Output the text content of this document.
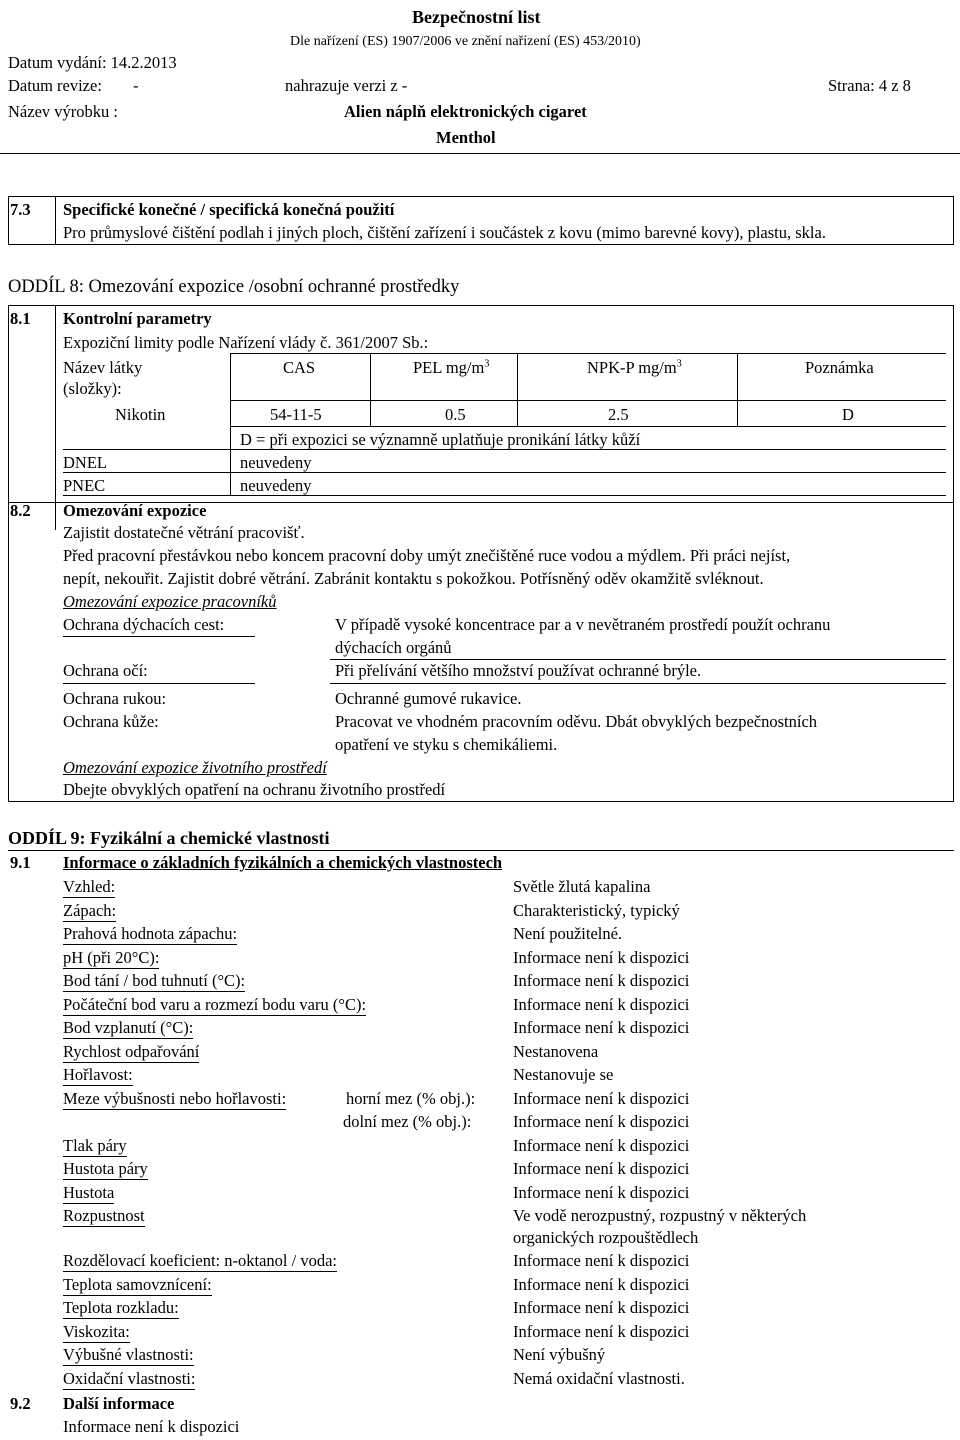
Bezpečnostní list
Dle nařízení (ES) 1907/2006 ve znění nařízení (ES) 453/2010)
Datum vydání: 14.2.2013
Datum revize: -	nahrazuje verzi z -	Strana: 4 z 8
Název výrobku :	Alien náplň elektronických cigaret
Menthol
7.3 Specifické konečné / specifická konečná použití
Pro průmyslové čištění podlah i jiných ploch, čištění zařízení i součástek z kovu (mimo barevné kovy), plastu, skla.
ODDÍL 8: Omezování expozice /osobní ochranné prostředky
8.1 Kontrolní parametry
Expoziční limity podle Nařízení vlády č. 361/2007 Sb.:
Název látky
(složky):
CAS	PEL $mg/m^3$	NPK-P $mg/m^3$	Poznámka
Nikotin	54-11-5	0.5	2.5	D
D = při expozici se významně uplatňuje pronikání látky kůží
DNEL	neuvedeny
PNEC	neuvedeny
8.2 Omezování expozice
Zajistit dostatečné větrání pracovišť.
Před pracovní přestávkou nebo koncem pracovní doby umýt znečištěné ruce vodou a mýdlem. Při práci nejíst,
nepít, nekouřit. Zajistit dobré větrání. Zabránit kontaktu s pokožkou. Potřísněný oděv okamžitě svléknout.
Omezování expozice pracovníků
Ochrana dýchacích cest:	V případě vysoké koncentrace par a v nevětraném prostředí použít ochranu
dýchacích orgánů
Ochrana očí:	Při přelívání většího množství používat ochranné brýle.
Ochrana rukou:	Ochranné gumové rukavice.
Ochrana kůže:	Pracovat ve vhodném pracovním oděvu. Dbát obvyklých bezpečnostních
opatření ve styku s chemikáliemi.
Omezování expozice životního prostředí
Dbejte obvyklých opatření na ochranu životního prostředí
ODDÍL 9: Fyzikální a chemické vlastnosti
9.1 Informace o základních fyzikálních a chemických vlastnostech
Vzhled:	Světle žlutá kapalina
Zápach:	Charakteristický, typický
Prahová hodnota zápachu:	Není použitelné.
pH (při 20°C):	Informace není k dispozici
Bod tání / bod tuhnutí (°C):	Informace není k dispozici
Počáteční bod varu a rozmezí bodu varu (°C):	Informace není k dispozici
Bod vzplanutí (°C):	Informace není k dispozici
Rychlost odpařování	Nestanovena
Hořlavost:	Nestanovuje se
Meze výbušnosti nebo hořlavosti:	horní mez (% obj.): Informace není k dispozici
dolní mez (% obj.):	Informace není k dispozici
Tlak páry	Informace není k dispozici
Hustota páry	Informace není k dispozici
Hustota	Informace není k dispozici
Rozpustnost	Ve vodě nerozpustný, rozpustný v některých
organických rozpouštědlech
Rozdělovací koeficient: n-oktanol / voda:	Informace není k dispozici
Teplota samovznícení:	Informace není k dispozici
Teplota rozkladu:	Informace není k dispozici
Viskozita:	Informace není k dispozici
Výbušné vlastnosti:	Není výbušný
Oxidační vlastnosti:	Nemá oxidační vlastnosti.
9.2 Další informace
Informace není k dispozici
